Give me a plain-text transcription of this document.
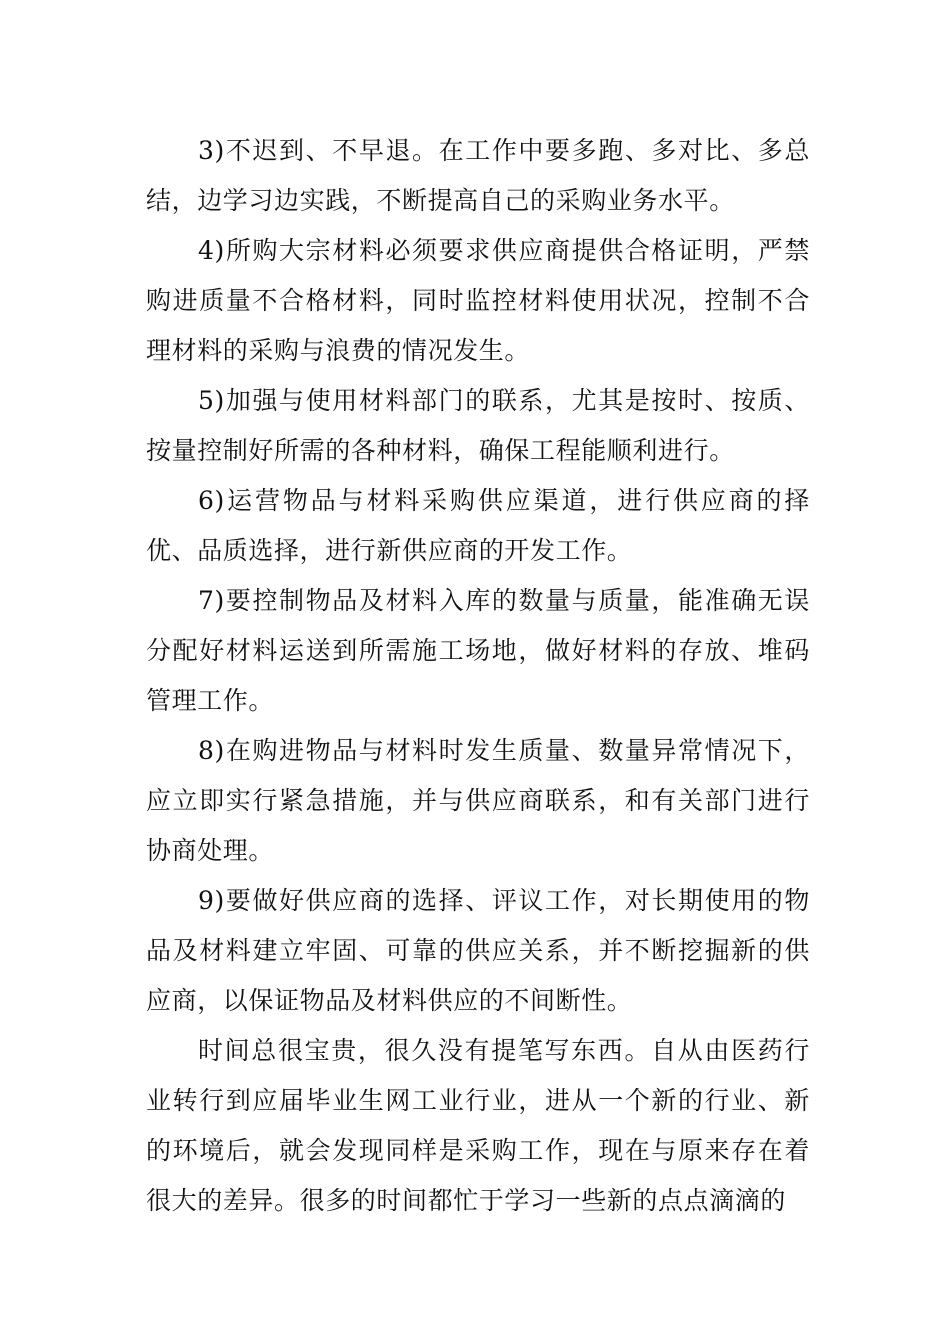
3)不迟到、不早退。在工作中要多跑、多对比、多总结，边学习边实践，不断提高自己的采购业务水平。

4)所购大宗材料必须要求供应商提供合格证明，严禁购进质量不合格材料，同时监控材料使用状况，控制不合理材料的采购与浪费的情况发生。

5)加强与使用材料部门的联系，尤其是按时、按质、按量控制好所需的各种材料，确保工程能顺利进行。

6)运营物品与材料采购供应渠道，进行供应商的择优、品质选择，进行新供应商的开发工作。

7)要控制物品及材料入库的数量与质量，能准确无误分配好材料运送到所需施工场地，做好材料的存放、堆码管理工作。

8)在购进物品与材料时发生质量、数量异常情况下，应立即实行紧急措施，并与供应商联系，和有关部门进行协商处理。

9)要做好供应商的选择、评议工作，对长期使用的物品及材料建立牢固、可靠的供应关系，并不断挖掘新的供应商，以保证物品及材料供应的不间断性。

时间总很宝贵，很久没有提笔写东西。自从由医药行业转行到应届毕业生网工业行业，进从一个新的行业、新的环境后，就会发现同样是采购工作，现在与原来存在着很大的差异。很多的时间都忙于学习一些新的点点滴滴的
